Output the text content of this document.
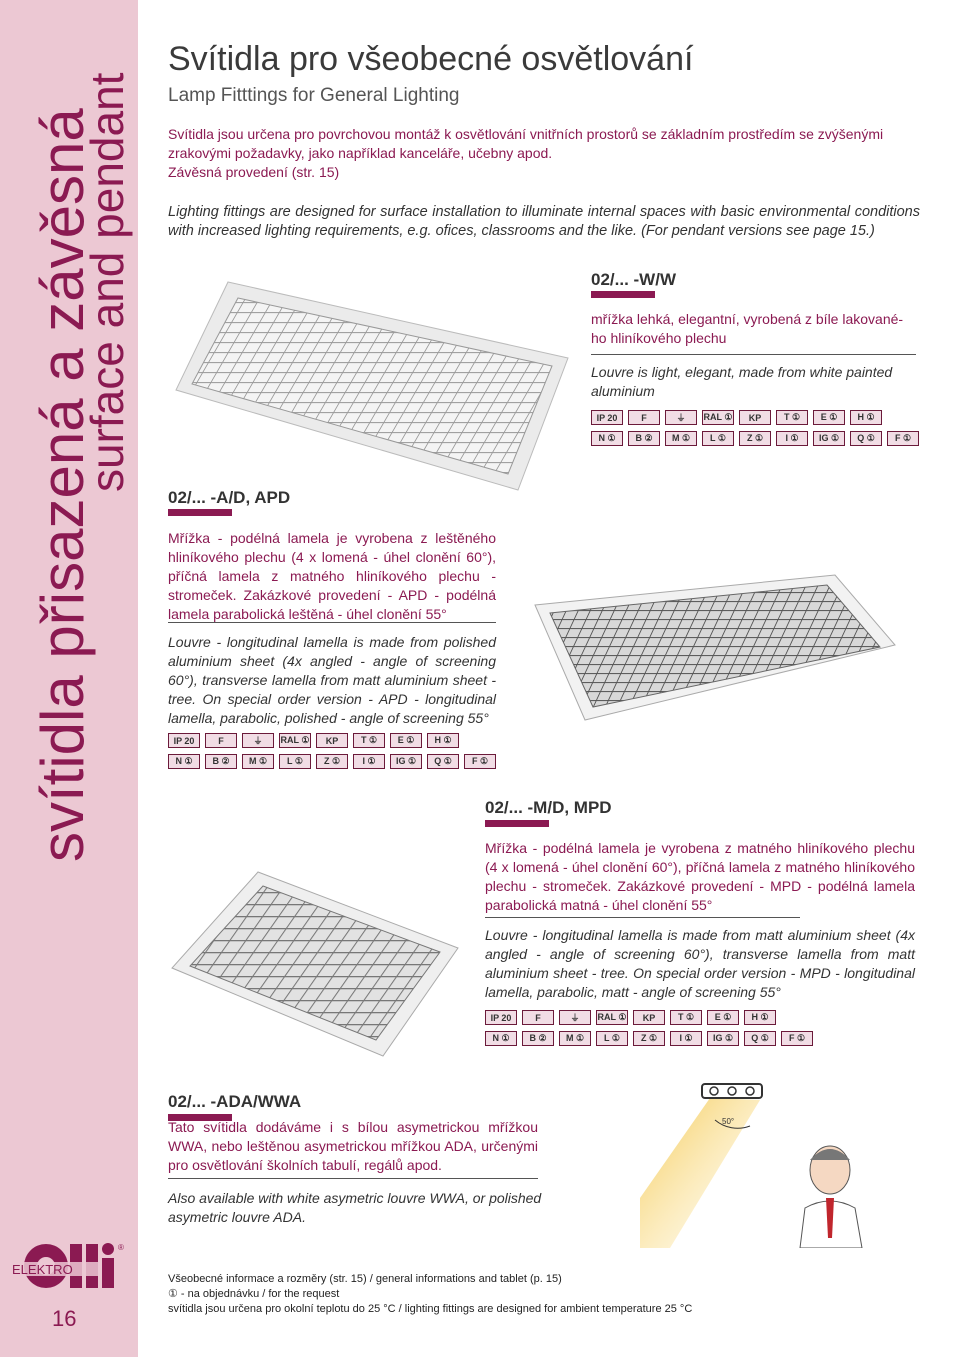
svítidla přisazená a závěsná
surface and pendant
ELEKTRO
®
16
Svítidla pro všeobecné osvětlování
Lamp Fitttings for General Lighting
Svítidla jsou určena pro povrchovou montáž k osvětlování vnitřních prostorů se základním prostředím se zvýšenými zrakovými požadavky, jako například kanceláře, učebny apod.
Závěsná provedení (str. 15)
Lighting fittings are designed for surface installation to illuminate internal spaces with basic environmental conditions with increased lighting requirements, e.g. ofices, classrooms and the like. (For pendant versions see page 15.)
02/... -W/W
mřížka lehká, elegantní, vyrobená z bíle lakované- ho hliníkového plechu
Louvre is light, elegant, made from white painted aluminium
IP 20	F	⏚	RAL ①	KP	T ①	E ①	H ①
N ①	B ②	M ①	L ①	Z ①	I ①	IG ①	Q ①	F ①
02/... -A/D, APD
Mřížka - podélná lamela je vyrobena z leštěného hliníkového plechu (4 x lomená - úhel clonění 60°), příčná lamela z matného hliníkového plechu - stromeček. Zakázkové provedení - APD - podélná lamela parabolická leštěná - úhel clonění 55°
Louvre - longitudinal lamella is made from polished aluminium sheet (4x angled - angle of screening 60°), transverse lamella from matt aluminium sheet - tree. On special order version - APD - longitudinal lamella, parabolic, polished - angle of screening 55°
IP 20	F	⏚	RAL ①	KP	T ①	E ①	H ①
N ①	B ②	M ①	L ①	Z ①	I ①	IG ①	Q ①	F ①
02/... -M/D, MPD
Mřížka - podélná lamela je vyrobena z matného hliníkového plechu (4 x lomená - úhel clonění 60°), příčná lamela z matného hliníkového plechu - stromeček. Zakázkové provedení - MPD - podélná lamela parabolická matná - úhel clonění 55°
Louvre - longitudinal lamella is made from matt aluminium sheet (4x angled - angle of screening 60°), transverse lamella from matt aluminium sheet - tree. On special order version - MPD - longitudinal lamella, parabolic, matt - angle of screening 55°
IP 20	F	⏚	RAL ①	KP	T ①	E ①	H ①
N ①	B ②	M ①	L ①	Z ①	I ①	IG ①	Q ①	F ①
02/... -ADA/WWA
Tato svítidla dodáváme i s bílou asymetrickou mřížkou WWA, nebo leštěnou asymetrickou mřížkou ADA, určenými pro osvětlování školních tabulí, regálů apod.
Also available with white asymetric louvre WWA, or polished asymetric louvre ADA.
50°
Všeobecné informace a rozměry (str. 15) / general informations and tablet (p. 15)
① - na objednávku / for the request
svítidla jsou určena pro okolní teplotu do 25 °C / lighting fittings are designed for ambient temperature 25 °C
